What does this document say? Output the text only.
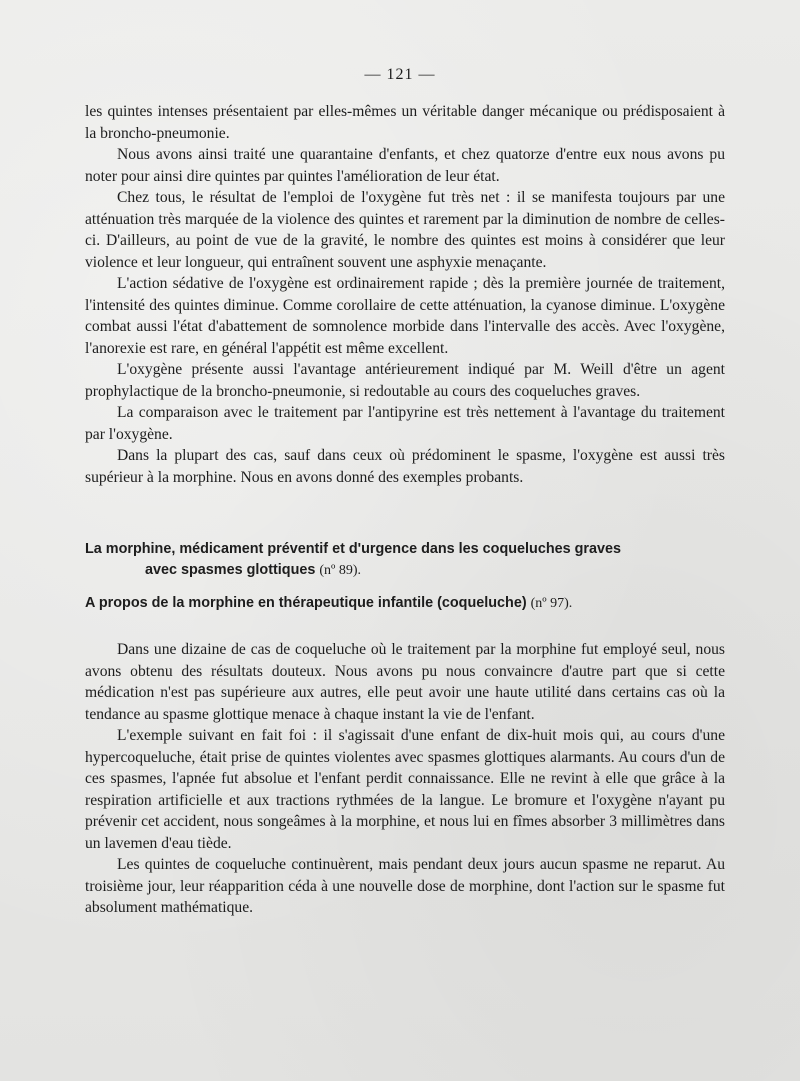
— 121 —

les quintes intenses présentaient par elles-mêmes un véritable danger mécanique ou prédisposaient à la broncho-pneumonie.

Nous avons ainsi traité une quarantaine d'enfants, et chez quatorze d'entre eux nous avons pu noter pour ainsi dire quintes par quintes l'amélioration de leur état.

Chez tous, le résultat de l'emploi de l'oxygène fut très net : il se manifesta toujours par une atténuation très marquée de la violence des quintes et rarement par la diminution de nombre de celles-ci. D'ailleurs, au point de vue de la gravité, le nombre des quintes est moins à considérer que leur violence et leur longueur, qui entraînent souvent une asphyxie menaçante.

L'action sédative de l'oxygène est ordinairement rapide ; dès la première journée de traitement, l'intensité des quintes diminue. Comme corollaire de cette atténuation, la cyanose diminue. L'oxygène combat aussi l'état d'abattement de somnolence morbide dans l'intervalle des accès. Avec l'oxygène, l'anorexie est rare, en général l'appétit est même excellent.

L'oxygène présente aussi l'avantage antérieurement indiqué par M. Weill d'être un agent prophylactique de la broncho-pneumonie, si redoutable au cours des coqueluches graves.

La comparaison avec le traitement par l'antipyrine est très nettement à l'avantage du traitement par l'oxygène.

Dans la plupart des cas, sauf dans ceux où prédominent le spasme, l'oxygène est aussi très supérieur à la morphine. Nous en avons donné des exemples probants.

La morphine, médicament préventif et d'urgence dans les coqueluches graves
avec spasmes glottiques (nº 89).
A propos de la morphine en thérapeutique infantile (coqueluche) (nº 97).

Dans une dizaine de cas de coqueluche où le traitement par la morphine fut employé seul, nous avons obtenu des résultats douteux. Nous avons pu nous convaincre d'autre part que si cette médication n'est pas supérieure aux autres, elle peut avoir une haute utilité dans certains cas où la tendance au spasme glottique menace à chaque instant la vie de l'enfant.

L'exemple suivant en fait foi : il s'agissait d'une enfant de dix-huit mois qui, au cours d'une hypercoqueluche, était prise de quintes violentes avec spasmes glottiques alarmants. Au cours d'un de ces spasmes, l'apnée fut absolue et l'enfant perdit connaissance. Elle ne revint à elle que grâce à la respiration artificielle et aux tractions rythmées de la langue. Le bromure et l'oxygène n'ayant pu prévenir cet accident, nous songeâmes à la morphine, et nous lui en fîmes absorber 3 millimètres dans un lavemen d'eau tiède.

Les quintes de coqueluche continuèrent, mais pendant deux jours aucun spasme ne reparut. Au troisième jour, leur réapparition céda à une nouvelle dose de morphine, dont l'action sur le spasme fut absolument mathématique.
